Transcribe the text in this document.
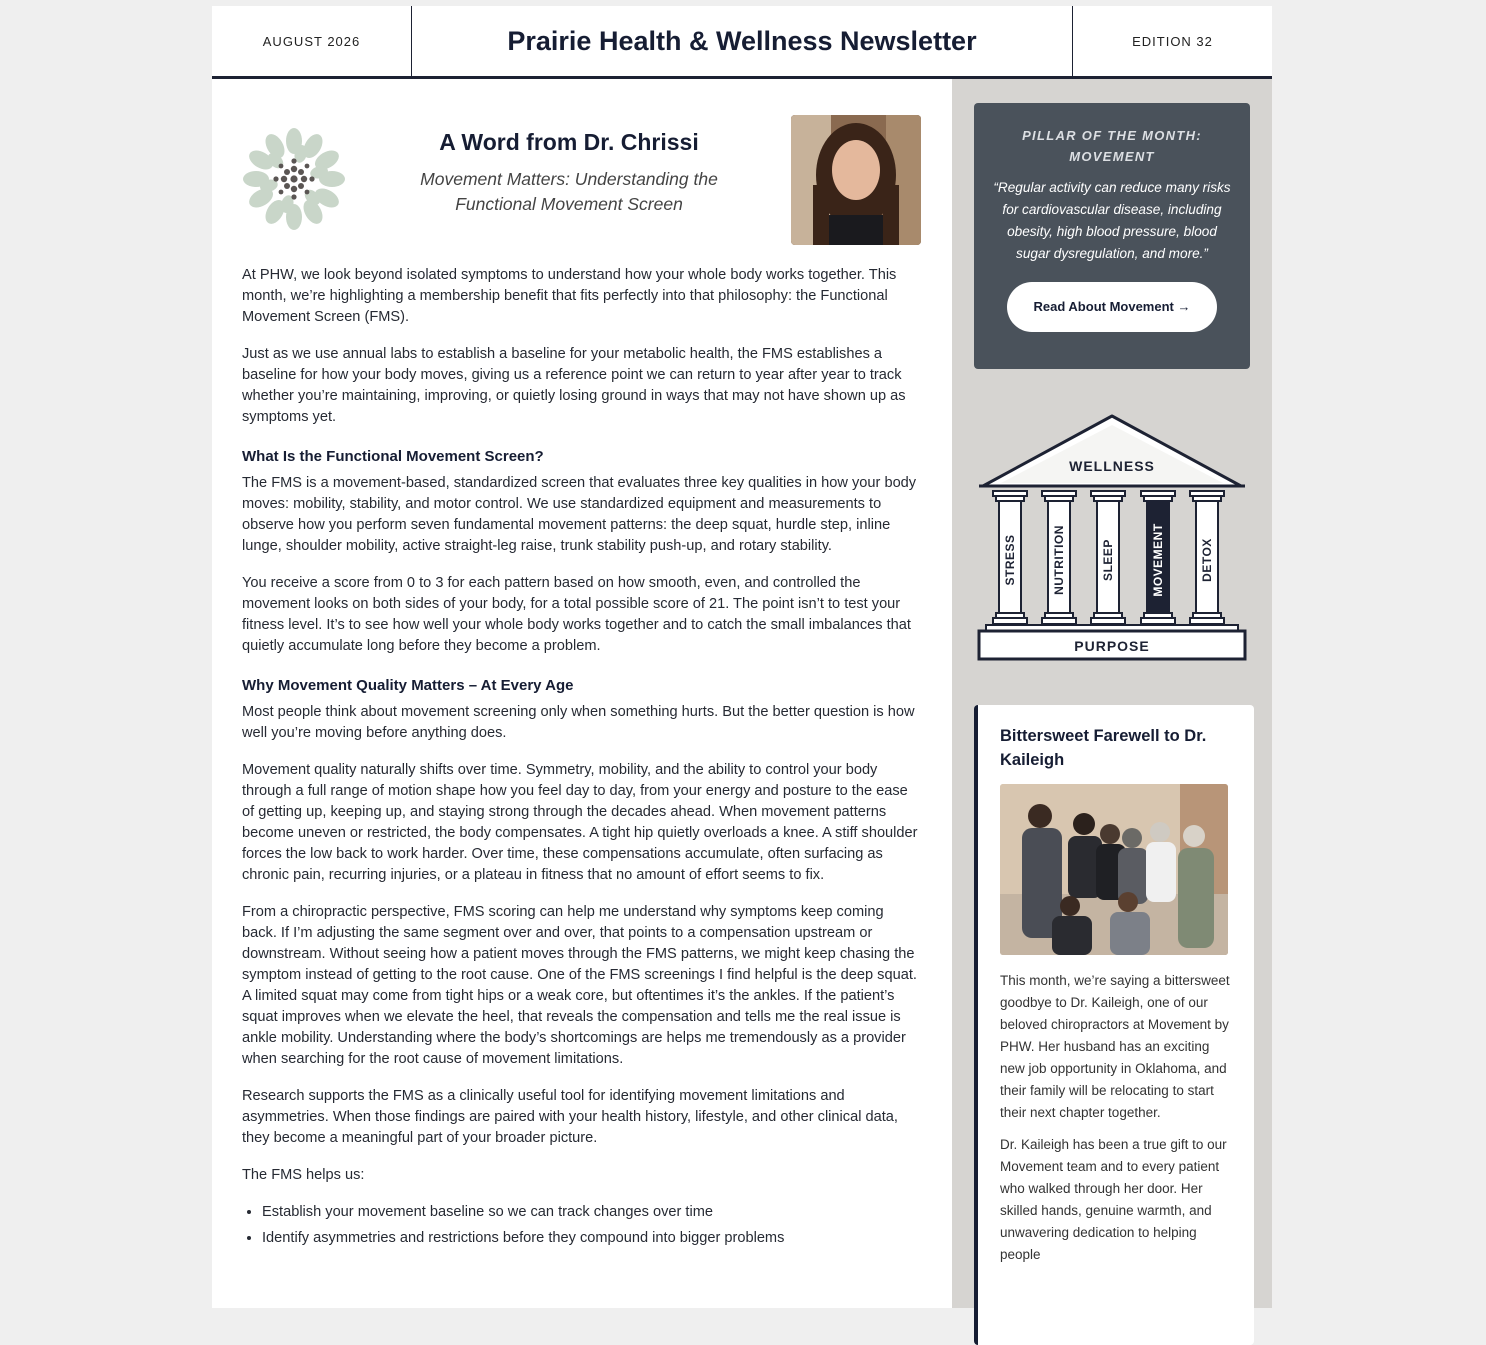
AUGUST 2026	Prairie Health & Wellness Newsletter	EDITION 32
A Word from Dr. Chrissi
Movement Matters: Understanding the Functional Movement Screen

At PHW, we look beyond isolated symptoms to understand how your whole body works together. This month, we’re highlighting a membership benefit that fits perfectly into that philosophy: the Functional Movement Screen (FMS).

Just as we use annual labs to establish a baseline for your metabolic health, the FMS establishes a baseline for how your body moves, giving us a reference point we can return to year after year to track whether you’re maintaining, improving, or quietly losing ground in ways that may not have shown up as symptoms yet.

What Is the Functional Movement Screen?

The FMS is a movement-based, standardized screen that evaluates three key qualities in how your body moves: mobility, stability, and motor control. We use standardized equipment and measurements to observe how you perform seven fundamental movement patterns: the deep squat, hurdle step, inline lunge, shoulder mobility, active straight-leg raise, trunk stability push-up, and rotary stability.

You receive a score from 0 to 3 for each pattern based on how smooth, even, and controlled the movement looks on both sides of your body, for a total possible score of 21. The point isn’t to test your fitness level. It’s to see how well your whole body works together and to catch the small imbalances that quietly accumulate long before they become a problem.

Why Movement Quality Matters – At Every Age

Most people think about movement screening only when something hurts. But the better question is how well you’re moving before anything does.

Movement quality naturally shifts over time. Symmetry, mobility, and the ability to control your body through a full range of motion shape how you feel day to day, from your energy and posture to the ease of getting up, keeping up, and staying strong through the decades ahead. When movement patterns become uneven or restricted, the body compensates. A tight hip quietly overloads a knee. A stiff shoulder forces the low back to work harder. Over time, these compensations accumulate, often surfacing as chronic pain, recurring injuries, or a plateau in fitness that no amount of effort seems to fix.

From a chiropractic perspective, FMS scoring can help me understand why symptoms keep coming back. If I’m adjusting the same segment over and over, that points to a compensation upstream or downstream. Without seeing how a patient moves through the FMS patterns, we might keep chasing the symptom instead of getting to the root cause. One of the FMS screenings I find helpful is the deep squat. A limited squat may come from tight hips or a weak core, but oftentimes it’s the ankles. If the patient’s squat improves when we elevate the heel, that reveals the compensation and tells me the real issue is ankle mobility. Understanding where the body’s shortcomings are helps me tremendously as a provider when searching for the root cause of movement limitations.

Research supports the FMS as a clinically useful tool for identifying movement limitations and asymmetries. When those findings are paired with your health history, lifestyle, and other clinical data, they become a meaningful part of your broader picture.

The FMS helps us:

• Establish your movement baseline so we can track changes over time
• Identify asymmetries and restrictions before they compound into bigger problems
PILLAR OF THE MONTH: MOVEMENT
“Regular activity can reduce many risks for cardiovascular disease, including obesity, high blood pressure, blood sugar dysregulation, and more.”
Read About Movement →
WELLNESS
STRESS	NUTRITION	SLEEP	MOVEMENT	DETOX
PURPOSE
Bittersweet Farewell to Dr. Kaileigh

This month, we’re saying a bittersweet goodbye to Dr. Kaileigh, one of our beloved chiropractors at Movement by PHW. Her husband has an exciting new job opportunity in Oklahoma, and their family will be relocating to start their next chapter together.

Dr. Kaileigh has been a true gift to our Movement team and to every patient who walked through her door. Her skilled hands, genuine warmth, and unwavering dedication to helping people
